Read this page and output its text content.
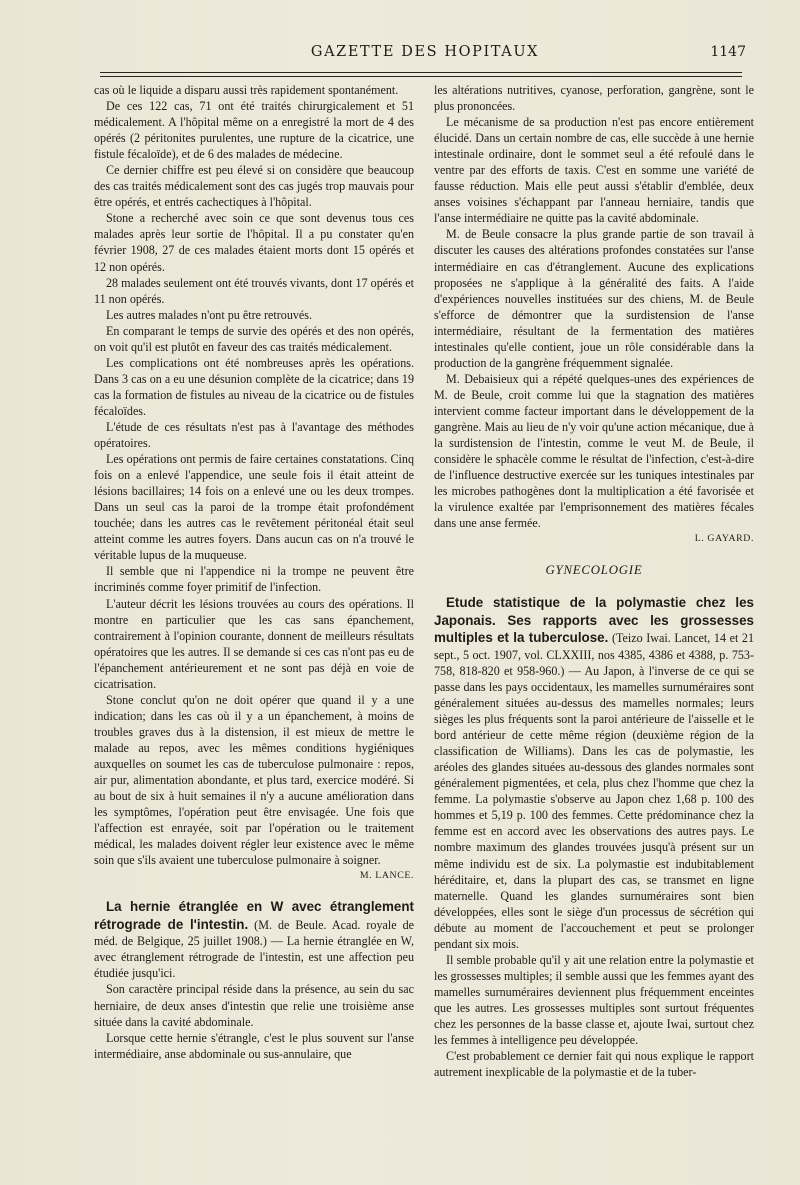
GAZETTE DES HOPITAUX	1147

cas où le liquide a disparu aussi très rapidement spontanément.

De ces 122 cas, 71 ont été traités chirurgicalement et 51 médicalement. A l'hôpital même on a enregistré la mort de 4 des opérés (2 péritonites purulentes, une rupture de la cicatrice, une fistule fécaloïde), et de 6 des malades de médecine.

Ce dernier chiffre est peu élevé si on considère que beaucoup des cas traités médicalement sont des cas jugés trop mauvais pour être opérés, et entrés cachectiques à l'hôpital.

Stone a recherché avec soin ce que sont devenus tous ces malades après leur sortie de l'hôpital. Il a pu constater qu'en février 1908, 27 de ces malades étaient morts dont 15 opérés et 12 non opérés.

28 malades seulement ont été trouvés vivants, dont 17 opérés et 11 non opérés.

Les autres malades n'ont pu être retrouvés.

En comparant le temps de survie des opérés et des non opérés, on voit qu'il est plutôt en faveur des cas traités médicalement.

Les complications ont été nombreuses après les opérations. Dans 3 cas on a eu une désunion complète de la cicatrice; dans 19 cas la formation de fistules au niveau de la cicatrice ou de fistules fécaloïdes.

L'étude de ces résultats n'est pas à l'avantage des méthodes opératoires.

Les opérations ont permis de faire certaines constatations. Cinq fois on a enlevé l'appendice, une seule fois il était atteint de lésions bacillaires; 14 fois on a enlevé une ou les deux trompes. Dans un seul cas la paroi de la trompe était profondément touchée; dans les autres cas le revêtement péritonéal était seul atteint comme les autres foyers. Dans aucun cas on n'a trouvé le véritable lupus de la muqueuse.

Il semble que ni l'appendice ni la trompe ne peuvent être incriminés comme foyer primitif de l'infection.

L'auteur décrit les lésions trouvées au cours des opérations. Il montre en particulier que les cas sans épanchement, contrairement à l'opinion courante, donnent de meilleurs résultats opératoires que les autres. Il se demande si ces cas n'ont pas eu de l'épanchement antérieurement et ne sont pas déjà en voie de cicatrisation.

Stone conclut qu'on ne doit opérer que quand il y a une indication; dans les cas où il y a un épanchement, à moins de troubles graves dus à la distension, il est mieux de mettre le malade au repos, avec les mêmes conditions hygiéniques auxquelles on soumet les cas de tuberculose pulmonaire : repos, air pur, alimentation abondante, et plus tard, exercice modéré. Si au bout de six à huit semaines il n'y a aucune amélioration dans les symptômes, l'opération peut être envisagée. Une fois que l'affection est enrayée, soit par l'opération ou le traitement médical, les malades doivent régler leur existence avec le même soin que s'ils avaient une tuberculose pulmonaire à soigner.

M. LANCE.

La hernie étranglée en W avec étranglement rétrograde de l'intestin. (M. de Beule. Acad. royale de méd. de Belgique, 25 juillet 1908.) — La hernie étranglée en W, avec étranglement rétrograde de l'intestin, est une affection peu étudiée jusqu'ici.

Son caractère principal réside dans la présence, au sein du sac herniaire, de deux anses d'intestin que relie une troisième anse située dans la cavité abdominale.

Lorsque cette hernie s'étrangle, c'est le plus souvent sur l'anse intermédiaire, anse abdominale ou sus-annulaire, que

les altérations nutritives, cyanose, perforation, gangrène, sont le plus prononcées.

Le mécanisme de sa production n'est pas encore entièrement élucidé. Dans un certain nombre de cas, elle succède à une hernie intestinale ordinaire, dont le sommet seul a été refoulé dans le ventre par des efforts de taxis. C'est en somme une variété de fausse réduction. Mais elle peut aussi s'établir d'emblée, deux anses voisines s'échappant par l'anneau herniaire, tandis que l'anse intermédiaire ne quitte pas la cavité abdominale.

M. de Beule consacre la plus grande partie de son travail à discuter les causes des altérations profondes constatées sur l'anse intermédiaire en cas d'étranglement. Aucune des explications proposées ne s'applique à la généralité des faits. A l'aide d'expériences nouvelles instituées sur des chiens, M. de Beule s'efforce de démontrer que la surdistension de l'anse intermédiaire, résultant de la fermentation des matières intestinales qu'elle contient, joue un rôle considérable dans la production de la gangrène fréquemment signalée.

M. Debaisieux qui a répété quelques-unes des expériences de M. de Beule, croit comme lui que la stagnation des matières intervient comme facteur important dans le développement de la gangrène. Mais au lieu de n'y voir qu'une action mécanique, due à la surdistension de l'intestin, comme le veut M. de Beule, il considère le sphacèle comme le résultat de l'infection, c'est-à-dire de l'influence destructive exercée sur les tuniques intestinales par les microbes pathogènes dont la multiplication a été favorisée et la virulence exaltée par l'emprisonnement des matières fécales dans une anse fermée.

L. GAYARD.
GYNECOLOGIE

Etude statistique de la polymastie chez les Japonais. Ses rapports avec les grossesses multiples et la tuberculose. (Teizo Iwai. Lancet, 14 et 21 sept., 5 oct. 1907, vol. CLXXIII, nos 4385, 4386 et 4388, p. 753-758, 818-820 et 958-960.) — Au Japon, à l'inverse de ce qui se passe dans les pays occidentaux, les mamelles surnuméraires sont généralement situées au-dessus des mamelles normales; leurs sièges les plus fréquents sont la paroi antérieure de l'aisselle et le bord antérieur de cette même région (deuxième région de la classification de Williams). Dans les cas de polymastie, les aréoles des glandes situées au-dessous des glandes normales sont généralement pigmentées, et cela, plus chez l'homme que chez la femme. La polymastie s'observe au Japon chez 1,68 p. 100 des hommes et 5,19 p. 100 des femmes. Cette prédominance chez la femme est en accord avec les observations des autres pays. Le nombre maximum des glandes trouvées jusqu'à présent sur un même individu est de six. La polymastie est indubitablement héréditaire, et, dans la plupart des cas, se transmet en ligne maternelle. Quand les glandes surnuméraires sont bien développées, elles sont le siège d'un processus de sécrétion qui débute au moment de l'accouchement et peut se prolonger pendant six mois.

Il semble probable qu'il y ait une relation entre la polymastie et les grossesses multiples; il semble aussi que les femmes ayant des mamelles surnuméraires deviennent plus fréquemment enceintes que les autres. Les grossesses multiples sont surtout fréquentes chez les personnes de la basse classe et, ajoute Iwai, surtout chez les femmes à intelligence peu développée.

C'est probablement ce dernier fait qui nous explique le rapport autrement inexplicable de la polymastie et de la tuber-
